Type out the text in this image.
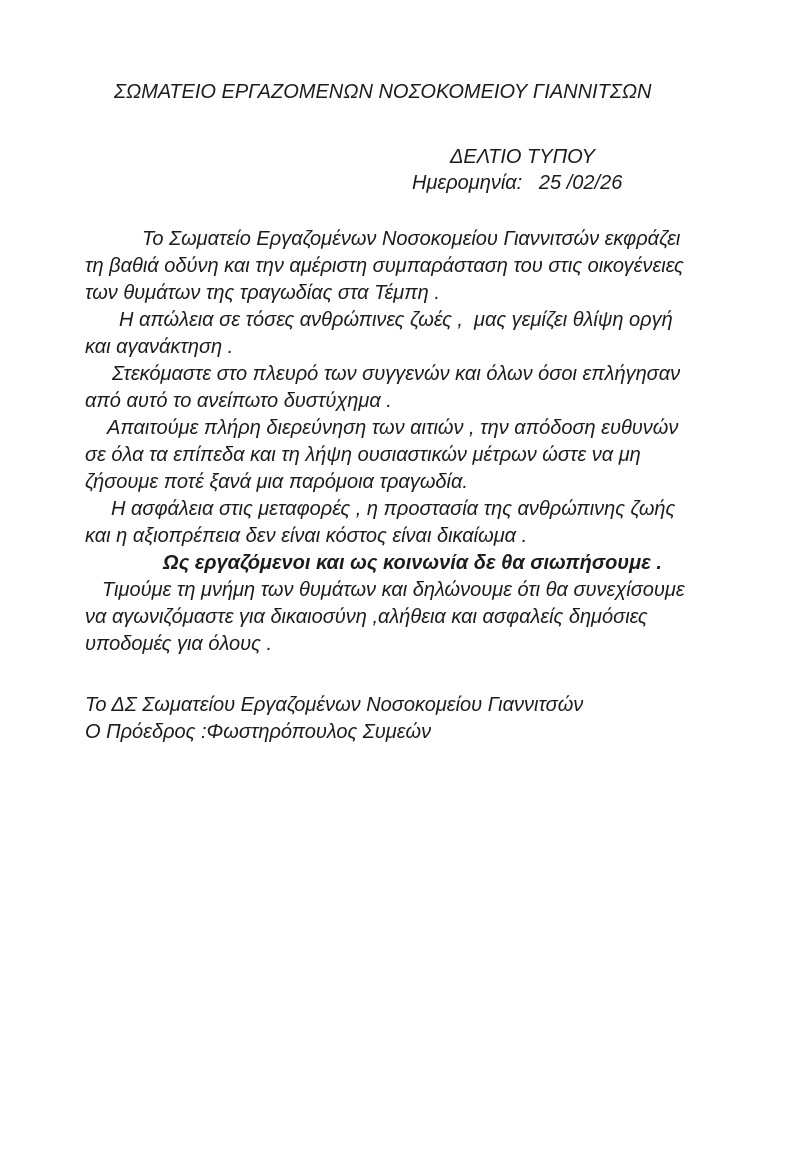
ΣΩΜΑΤΕΙΟ ΕΡΓΑΖΟΜΕΝΩΝ ΝΟΣΟΚΟΜΕΙΟΥ ΓΙΑΝΝΙΤΣΩΝ
ΔΕΛΤΙΟ ΤΥΠΟΥ
Ημερομηνία:   25 /02/26
Το Σωματείο Εργαζομένων Νοσοκομείου Γιαννιτσών εκφράζει
τη βαθιά οδύνη και την αμέριστη συμπαράσταση του στις οικογένειες
των θυμάτων της τραγωδίας στα Τέμπη .
Η απώλεια σε τόσες ανθρώπινες ζωές ,  μας γεμίζει θλίψη οργή
και αγανάκτηση .
Στεκόμαστε στο πλευρό των συγγενών και όλων όσοι επλήγησαν
από αυτό το ανείπωτο δυστύχημα .
Απαιτούμε πλήρη διερεύνηση των αιτιών , την απόδοση ευθυνών
σε όλα τα επίπεδα και τη λήψη ουσιαστικών μέτρων ώστε να μη
ζήσουμε ποτέ ξανά μια παρόμοια τραγωδία.
Η ασφάλεια στις μεταφορές , η προστασία της ανθρώπινης ζωής
και η αξιοπρέπεια δεν είναι κόστος είναι δικαίωμα .
Ως εργαζόμενοι και ως κοινωνία δε θα σιωπήσουμε .
Τιμούμε τη μνήμη των θυμάτων και δηλώνουμε ότι θα συνεχίσουμε
να αγωνιζόμαστε για δικαιοσύνη ,αλήθεια και ασφαλείς δημόσιες
υποδομές για όλους .
Το ΔΣ Σωματείου Εργαζομένων Νοσοκομείου Γιαννιτσών
Ο Πρόεδρος :Φωστηρόπουλος Συμεών
